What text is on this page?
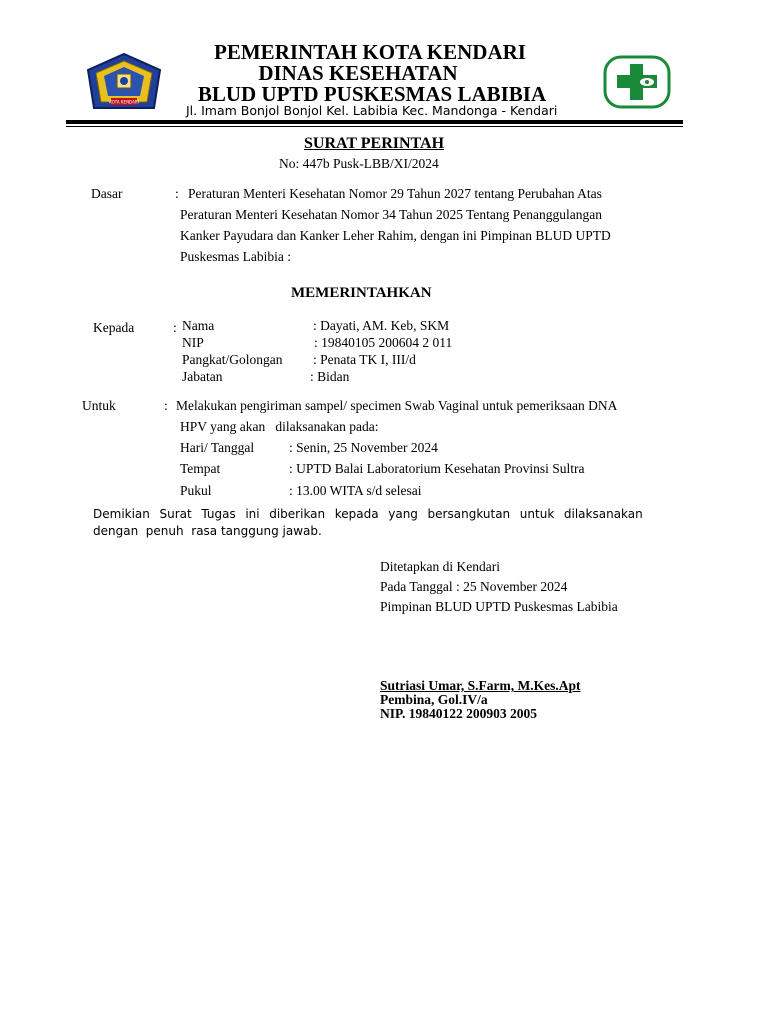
KOTA KENDARI
PEMERINTAH KOTA KENDARI
DINAS KESEHATAN
BLUD UPTD PUSKESMAS LABIBIA
Jl. Imam Bonjol Bonjol Kel. Labibia Kec. Mandonga - Kendari
SURAT PERINTAH
No: 447b Pusk-LBB/XI/2024
Dasar	: Peraturan Menteri Kesehatan Nomor 29 Tahun 2027 tentang Perubahan Atas
Peraturan Menteri Kesehatan Nomor 34 Tahun 2025 Tentang Penanggulangan
Kanker Payudara dan Kanker Leher Rahim, dengan ini Pimpinan BLUD UPTD
Puskesmas Labibia :
MEMERINTAHKAN
Kepada	: Nama	: Dayati, AM. Keb, SKM
NIP	: 19840105 200604 2 011
Pangkat/Golongan : Penata TK I, III/d
Jabatan	: Bidan
Untuk	: Melakukan pengiriman sampel/ specimen Swab Vaginal untuk pemeriksaan DNA
HPV yang akan   dilaksanakan pada:
Hari/ Tanggal	: Senin, 25 November 2024
Tempat	: UPTD Balai Laboratorium Kesehatan Provinsi Sultra
Pukul	: 13.00 WITA s/d selesai
Demikian  Surat  Tugas  ini  diberikan  kepada  yang  bersangkutan  untuk  dilaksanakan
dengan  penuh  rasa tanggung jawab.
Ditetapkan di Kendari
Pada Tanggal : 25 November 2024
Pimpinan BLUD UPTD Puskesmas Labibia
Sutriasi Umar, S.Farm, M.Kes.Apt
Pembina, Gol.IV/a
NIP. 19840122 200903 2005
